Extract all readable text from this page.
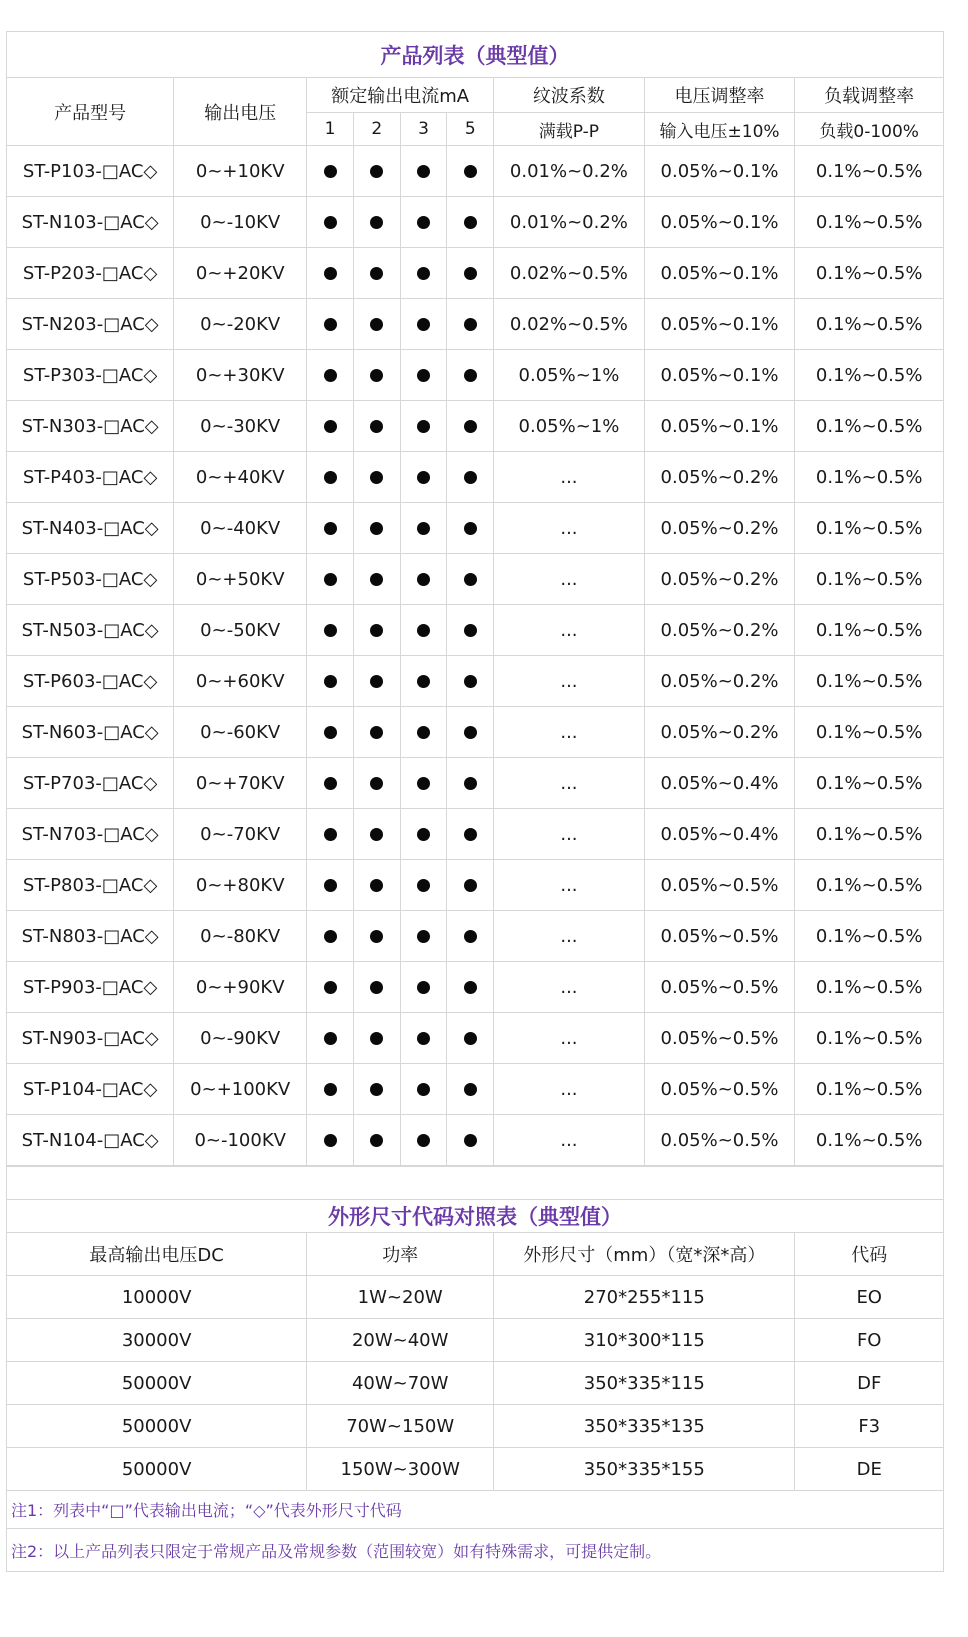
产品列表（典型值）								
产品型号	输出电压	额定输出电流mA				纹波系数	电压调整率	负载调整率
		1	2	3	5	满载P-P	输入电压±10%	负载0-100%
ST-P103-□AC◇	0~+10KV					0.01%~0.2%	0.05%~0.1%	0.1%~0.5%
ST-N103-□AC◇	0~-10KV					0.01%~0.2%	0.05%~0.1%	0.1%~0.5%
ST-P203-□AC◇	0~+20KV					0.02%~0.5%	0.05%~0.1%	0.1%~0.5%
ST-N203-□AC◇	0~-20KV					0.02%~0.5%	0.05%~0.1%	0.1%~0.5%
ST-P303-□AC◇	0~+30KV					0.05%~1%	0.05%~0.1%	0.1%~0.5%
ST-N303-□AC◇	0~-30KV					0.05%~1%	0.05%~0.1%	0.1%~0.5%
ST-P403-□AC◇	0~+40KV					...	0.05%~0.2%	0.1%~0.5%
ST-N403-□AC◇	0~-40KV					...	0.05%~0.2%	0.1%~0.5%
ST-P503-□AC◇	0~+50KV					...	0.05%~0.2%	0.1%~0.5%
ST-N503-□AC◇	0~-50KV					...	0.05%~0.2%	0.1%~0.5%
ST-P603-□AC◇	0~+60KV					...	0.05%~0.2%	0.1%~0.5%
ST-N603-□AC◇	0~-60KV					...	0.05%~0.2%	0.1%~0.5%
ST-P703-□AC◇	0~+70KV					...	0.05%~0.4%	0.1%~0.5%
ST-N703-□AC◇	0~-70KV					...	0.05%~0.4%	0.1%~0.5%
ST-P803-□AC◇	0~+80KV					...	0.05%~0.5%	0.1%~0.5%
ST-N803-□AC◇	0~-80KV					...	0.05%~0.5%	0.1%~0.5%
ST-P903-□AC◇	0~+90KV					...	0.05%~0.5%	0.1%~0.5%
ST-N903-□AC◇	0~-90KV					...	0.05%~0.5%	0.1%~0.5%
ST-P104-□AC◇	0~+100KV					...	0.05%~0.5%	0.1%~0.5%
ST-N104-□AC◇	0~-100KV					...	0.05%~0.5%	0.1%~0.5%

外形尺寸代码对照表（典型值）			
最高输出电压DC	功率	外形尺寸（mm）（宽*深*高）	代码
10000V	1W~20W	270*255*115	EO
30000V	20W~40W	310*300*115	FO
50000V	40W~70W	350*335*115	DF
50000V	70W~150W	350*335*135	F3
50000V	150W~300W	350*335*155	DE
注1：列表中“□”代表输出电流；“◇”代表外形尺寸代码			
注2：以上产品列表只限定于常规产品及常规参数（范围较宽）如有特殊需求，可提供定制。			
